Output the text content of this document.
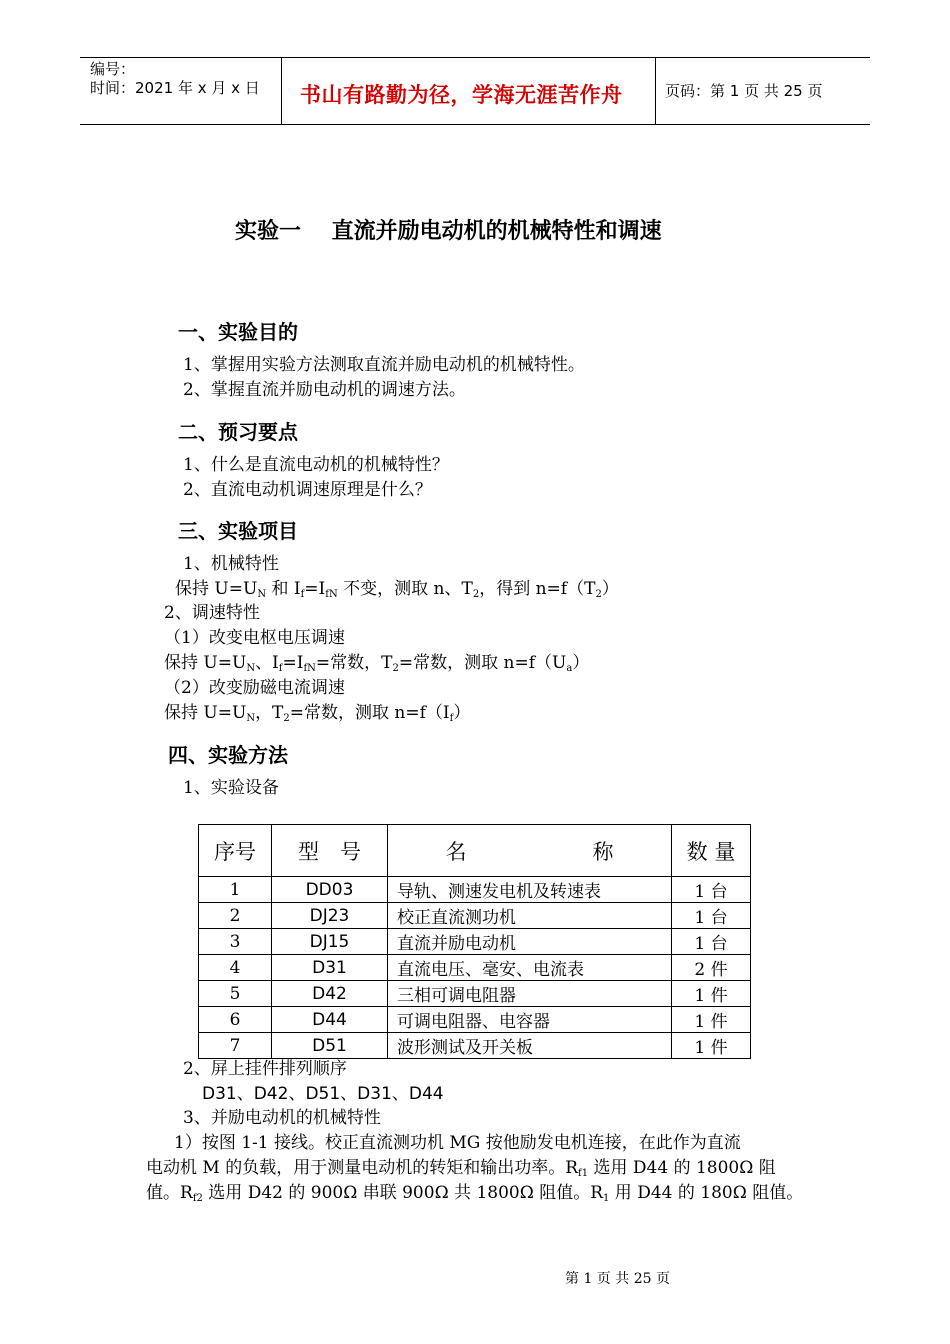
编号：
时间：2021 年 x 月 x 日 书山有路勤为径，学海无涯苦作舟	页码：第 1 页 共 25 页
实验一    直流并励电动机的机械特性和调速
一、实验目的
1、掌握用实验方法测取直流并励电动机的机械特性。
2、掌握直流并励电动机的调速方法。
二、预习要点
1、什么是直流电动机的机械特性？
2、直流电动机调速原理是什么？
三、实验项目
1、机械特性
保持 $U=U_N$ 和 $I_f=I_{fN}$ 不变，测取 n、$T_2$，得到 $n=f(T_2)$
2、调速特性
（1）改变电枢电压调速
保持 $U=U_N$、$I_f=I_{fN}=$常数，$T_2=$常数，测取 $n=f(U_a)$
（2）改变励磁电流调速
保持 $U=U_N$，$T_2=$常数，测取 $n=f(I_f)$
四、实验方法
1、实验设备
序号	型　号	名　　　　　　称	数 量
1	DD03	导轨、测速发电机及转速表	1 台
2	DJ23	校正直流测功机	1 台
3	DJ15	直流并励电动机	1 台
4	D31	直流电压、毫安、电流表	2 件
5	D42	三相可调电阻器	1 件
6	D44	可调电阻器、电容器	1 件
7	D51	波形测试及开关板	1 件
2、屏上挂件排列顺序
D31、D42、D51、D31、D44
3、并励电动机的机械特性
1）按图 1-1 接线。校正直流测功机 MG 按他励发电机连接，在此作为直流
电动机 M 的负载，用于测量电动机的转矩和输出功率。$R_{f1}$ 选用 D44 的 1800Ω 阻
值。$R_{f2}$ 选用 D42 的 900Ω 串联 900Ω 共 1800Ω 阻值。$R_1$ 用 D44 的 180Ω 阻值。
第 1 页 共 25 页
